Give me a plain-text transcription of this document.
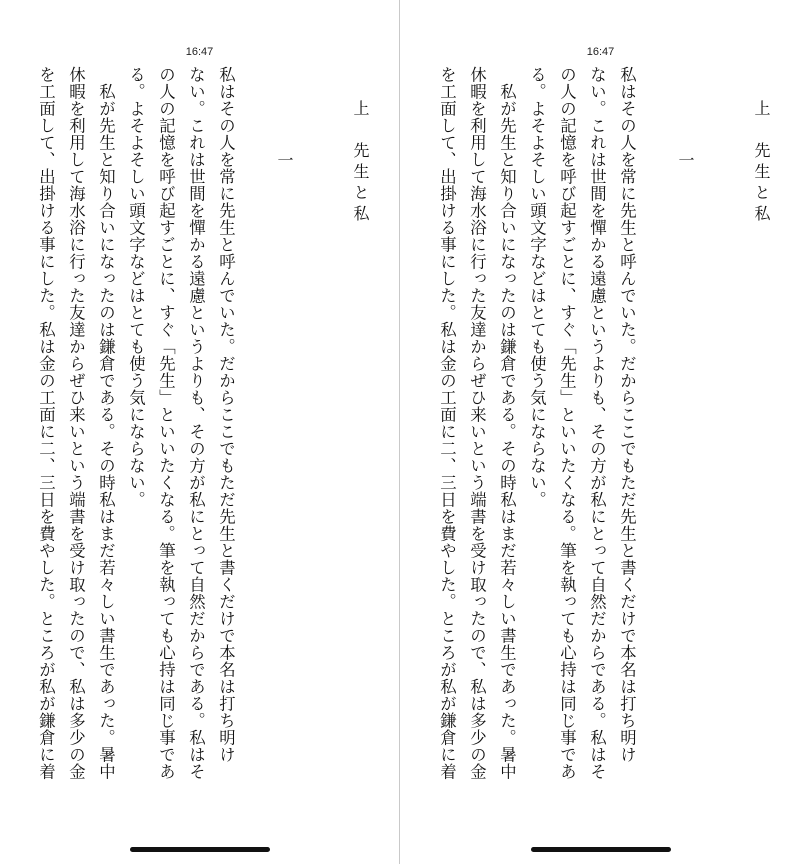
16:47
上　先生と私
一
私はその人を常に先生と呼んでいた。だからここでもただ先生と書くだけで本名は打ち明け
ない。これは世間を憚かる遠慮というよりも、その方が私にとって自然だからである。私はそ
の人の記憶を呼び起すごとに、すぐ「先生」といいたくなる。筆を執っても心持は同じ事であ
る。よそよそしい頭文字などはとても使う気にならない。
　私が先生と知り合いになったのは鎌倉である。その時私はまだ若々しい書生であった。暑中
休暇を利用して海水浴に行った友達からぜひ来いという端書を受け取ったので、私は多少の金
を工面して、出掛ける事にした。私は金の工面に二、三日を費やした。ところが私が鎌倉に着
16:47
上　先生と私
一
私はその人を常に先生と呼んでいた。だからここでもただ先生と書くだけで本名は打ち明け
ない。これは世間を憚かる遠慮というよりも、その方が私にとって自然だからである。私はそ
の人の記憶を呼び起すごとに、すぐ「先生」といいたくなる。筆を執っても心持は同じ事であ
る。よそよそしい頭文字などはとても使う気にならない。
　私が先生と知り合いになったのは鎌倉である。その時私はまだ若々しい書生であった。暑中
休暇を利用して海水浴に行った友達からぜひ来いという端書を受け取ったので、私は多少の金
を工面して、出掛ける事にした。私は金の工面に二、三日を費やした。ところが私が鎌倉に着
